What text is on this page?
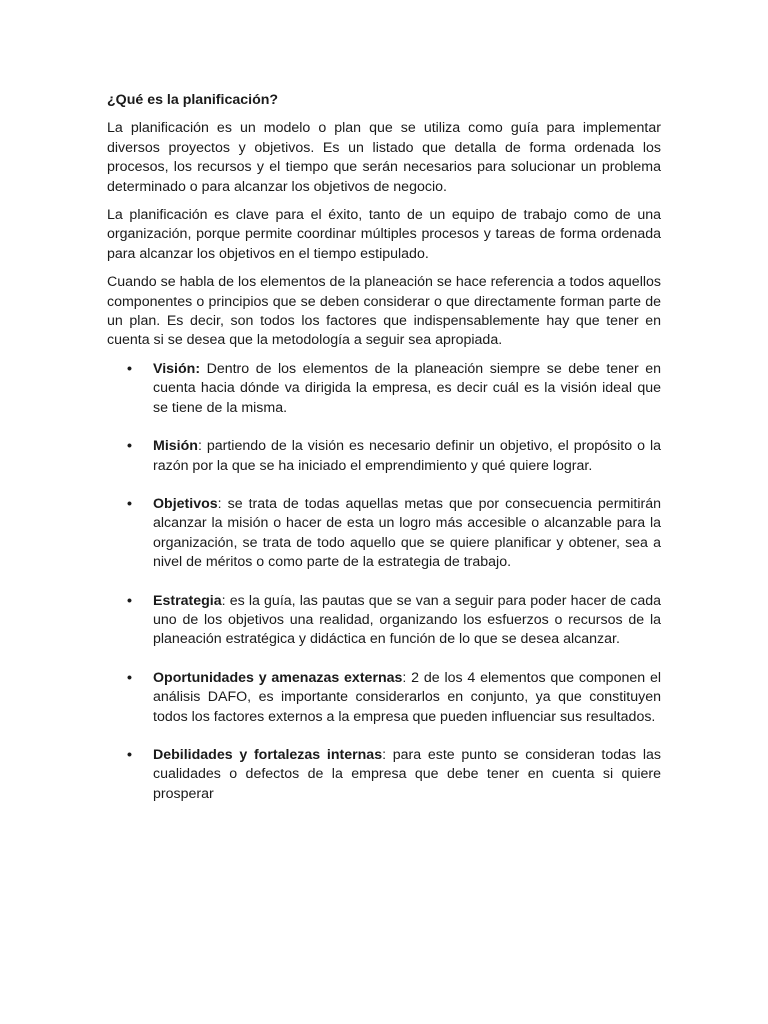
¿Qué es la planificación?

La planificación es un modelo o plan que se utiliza como guía para implementar diversos proyectos y objetivos. Es un listado que detalla de forma ordenada los procesos, los recursos y el tiempo que serán necesarios para solucionar un problema determinado o para alcanzar los objetivos de negocio.

La planificación es clave para el éxito, tanto de un equipo de trabajo como de una organización, porque permite coordinar múltiples procesos y tareas de forma ordenada para alcanzar los objetivos en el tiempo estipulado.

Cuando se habla de los elementos de la planeación se hace referencia a todos aquellos componentes o principios que se deben considerar o que directamente forman parte de un plan. Es decir, son todos los factores que indispensablemente hay que tener en cuenta si se desea que la metodología a seguir sea apropiada.

• Visión: Dentro de los elementos de la planeación siempre se debe tener en cuenta hacia dónde va dirigida la empresa, es decir cuál es la visión ideal que se tiene de la misma.
• Misión: partiendo de la visión es necesario definir un objetivo, el propósito o la razón por la que se ha iniciado el emprendimiento y qué quiere lograr.
• Objetivos: se trata de todas aquellas metas que por consecuencia permitirán alcanzar la misión o hacer de esta un logro más accesible o alcanzable para la organización, se trata de todo aquello que se quiere planificar y obtener, sea a nivel de méritos o como parte de la estrategia de trabajo.
• Estrategia: es la guía, las pautas que se van a seguir para poder hacer de cada uno de los objetivos una realidad, organizando los esfuerzos o recursos de la planeación estratégica y didáctica en función de lo que se desea alcanzar.
• Oportunidades y amenazas externas: 2 de los 4 elementos que componen el análisis DAFO, es importante considerarlos en conjunto, ya que constituyen todos los factores externos a la empresa que pueden influenciar sus resultados.
• Debilidades y fortalezas internas: para este punto se consideran todas las cualidades o defectos de la empresa que debe tener en cuenta si quiere prosperar
